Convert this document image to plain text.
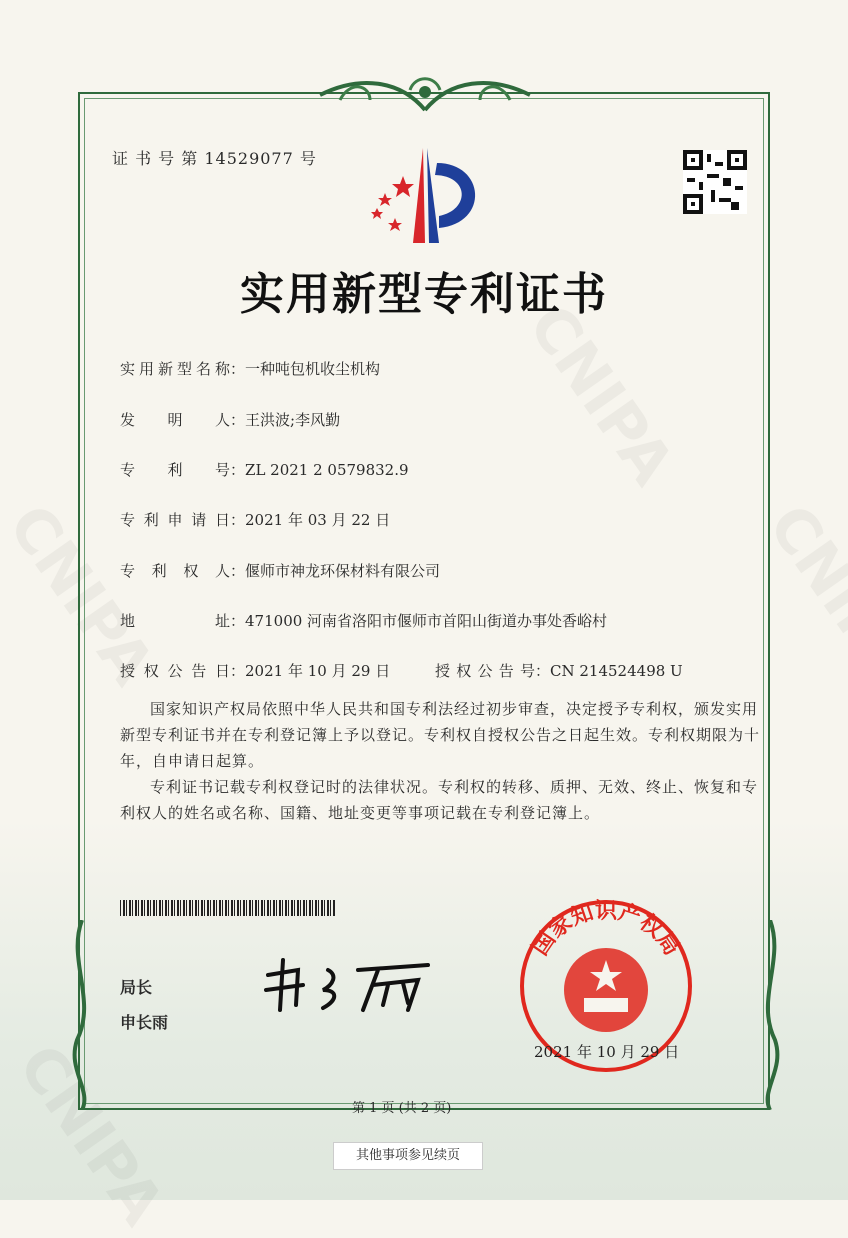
证 书 号 第 14529077 号
实用新型专利证书
实用新型名称：一种吨包机收尘机构
发明人：王洪波;李风勤
专利号：ZL 2021 2 0579832.9
专利申请日：2021 年 03 月 22 日
专利权人：偃师市神龙环保材料有限公司
地址：471000 河南省洛阳市偃师市首阳山街道办事处香峪村
授权公告日：2021 年 10 月 29 日	授权公告号：CN 214524498 U
国家知识产权局依照中华人民共和国专利法经过初步审查，决定授予专利权，颁发实用新型专利证书并在专利登记簿上予以登记。专利权自授权公告之日起生效。专利权期限为十年，自申请日起算。
专利证书记载专利权登记时的法律状况。专利权的转移、质押、无效、终止、恢复和专利权人的姓名或名称、国籍、地址变更等事项记载在专利登记簿上。
局长
申长雨
国家知识产权局
2021 年 10 月 29 日
第 1 页 (共 2 页)
其他事项参见续页
